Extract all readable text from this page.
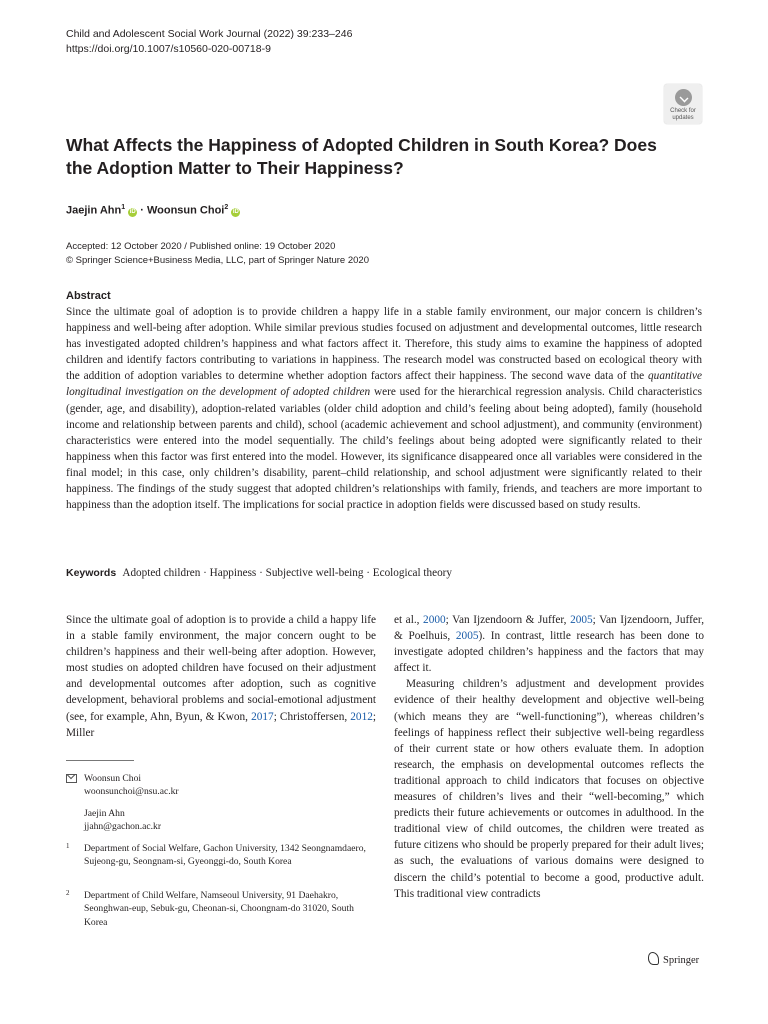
Child and Adolescent Social Work Journal (2022) 39:233–246
https://doi.org/10.1007/s10560-020-00718-9
Check for
updates
What Affects the Happiness of Adopted Children in South Korea? Does the Adoption Matter to Their Happiness?
Jaejin Ahn$^1$ iD · Woonsun Choi$^2$ iD
Accepted: 12 October 2020 / Published online: 19 October 2020
© Springer Science+Business Media, LLC, part of Springer Nature 2020
Abstract
Since the ultimate goal of adoption is to provide children a happy life in a stable family environment, our major concern is children’s happiness and well-being after adoption. While similar previous studies focused on adjustment and developmental outcomes, little research has investigated adopted children’s happiness and what factors affect it. Therefore, this study aims to examine the happiness of adopted children and identify factors contributing to variations in happiness. The research model was constructed based on ecological theory with the addition of adoption variables to determine whether adoption factors affect their happiness. The second wave data of the quantitative longitudinal investigation on the development of adopted children were used for the hierarchical regression analysis. Child characteristics (gender, age, and disability), adoption-related variables (older child adoption and child’s feeling about being adopted), family (household income and relationship between parents and child), school (academic achievement and school adjustment), and community (environment) characteristics were entered into the model sequentially. The child’s feelings about being adopted were significantly related to their happiness when this factor was first entered into the model. However, its significance disappeared once all variables were considered in the final model; in this case, only children’s disability, parent–child relationship, and school adjustment were significantly related to their happiness. The findings of the study suggest that adopted children’s relationships with family, friends, and teachers are more important to happiness than the adoption itself. The implications for social practice in adoption fields were discussed based on study results.
Keywords Adopted children · Happiness · Subjective well-being · Ecological theory

Since the ultimate goal of adoption is to provide a child a happy life in a stable family environment, the major concern ought to be children’s happiness and their well-being after adoption. However, most studies on adopted children have focused on their adjustment and developmental outcomes after adoption, such as cognitive development, behavioral problems and social-emotional adjustment (see, for example, Ahn, Byun, & Kwon, 2017; Christoffersen, 2012; Miller

Woonsun Choi
woonsunchoi@nsu.ac.kr
Jaejin Ahn
jjahn@gachon.ac.kr
1	Department of Social Welfare, Gachon University, 1342 Seongnamdaero, Sujeong-gu, Seongnam-si, Gyeonggi-do, South Korea
2	Department of Child Welfare, Namseoul University, 91 Daehakro, Seonghwan-eup, Sebuk-gu, Cheonan-si, Choongnam-do 31020, South Korea

et al., 2000; Van Ijzendoorn & Juffer, 2005; Van Ijzendoorn, Juffer, & Poelhuis, 2005). In contrast, little research has been done to investigate adopted children’s happiness and the factors that may affect it.

Measuring children’s adjustment and development provides evidence of their healthy development and objective well-being (which means they are “well-functioning”), whereas children’s feelings of happiness reflect their subjective well-being regardless of their current state or how others evaluate them. In adoption research, the emphasis on developmental outcomes reflects the traditional approach to child indicators that focuses on objective measures of children’s lives and their “well-becoming,” which predicts their future achievements or outcomes in adulthood. In the traditional view of child outcomes, the children were treated as future citizens who should be properly prepared for their adult lives; as such, the evaluations of various domains were designed to discern the child’s potential to become a good, productive adult. This traditional view contradicts

Springer
